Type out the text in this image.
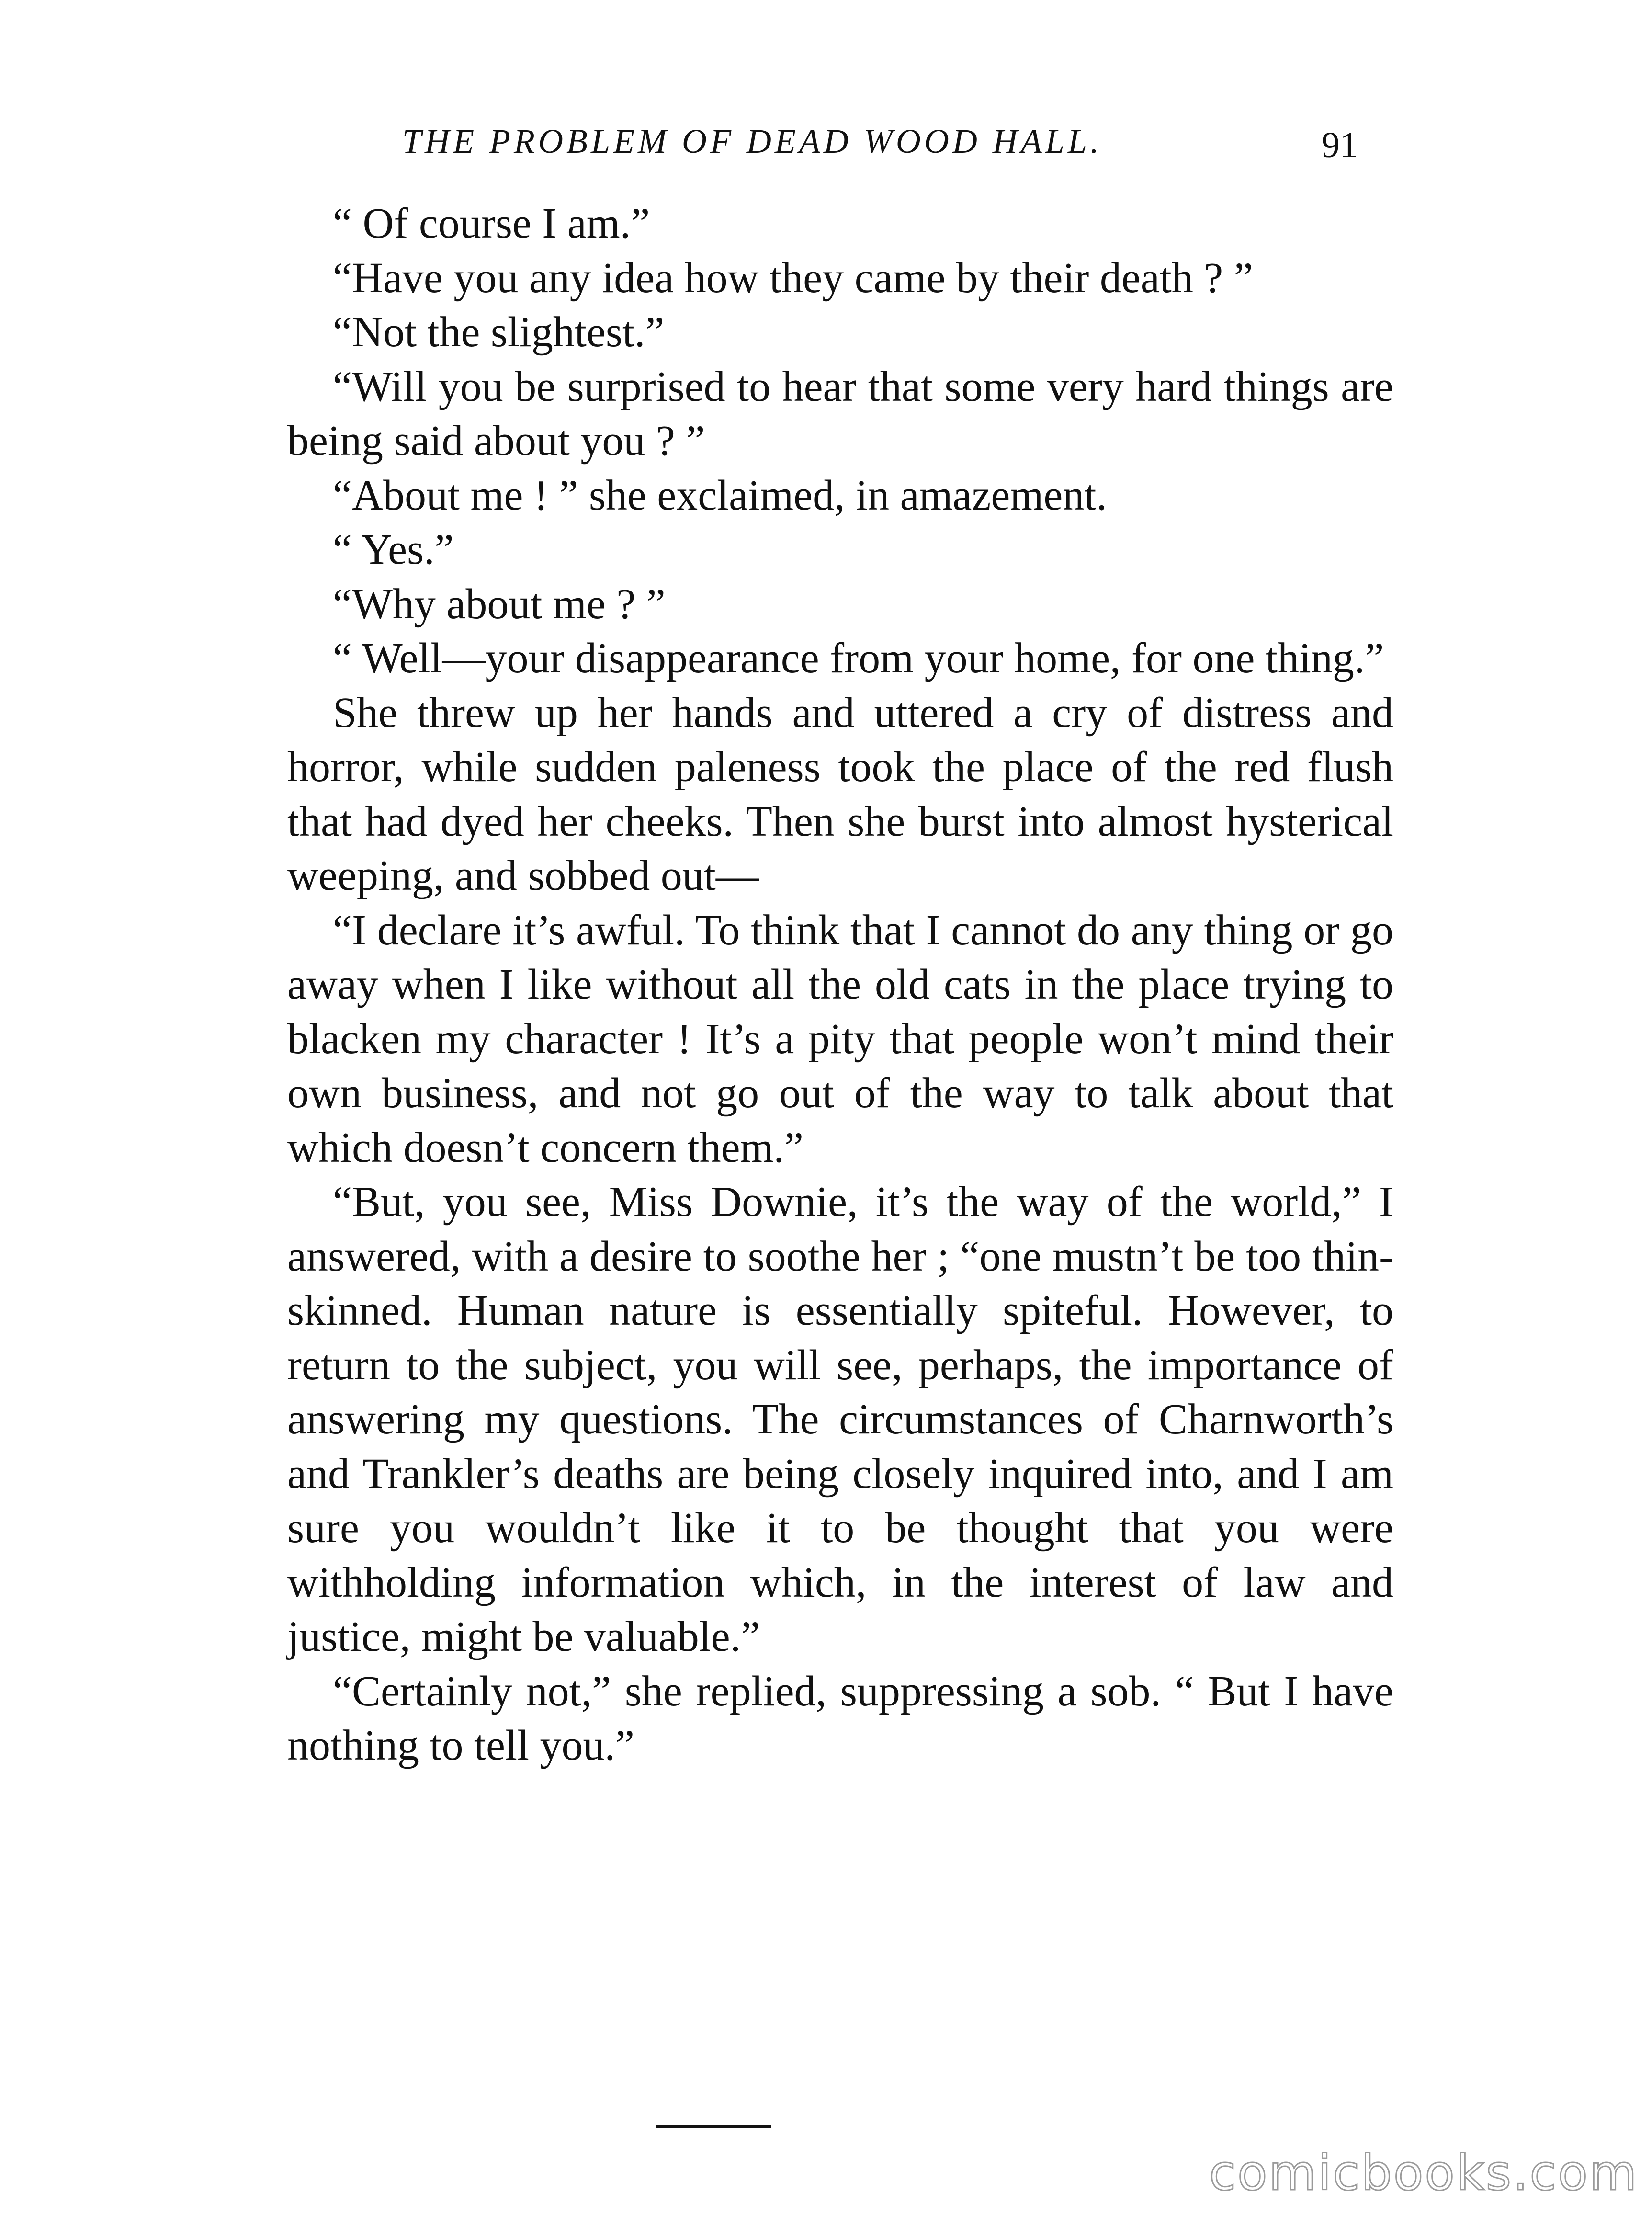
THE PROBLEM OF DEAD WOOD HALL.	91

“ Of course I am.”

“Have you any idea how they came by their death ? ”

“Not the slightest.”

“Will you be surprised to hear that some very hard things are being said about you ? ”

“About me ! ” she exclaimed, in amazement.

“ Yes.”

“Why about me ? ”

“ Well—your disappearance from your home, for one thing.”

She threw up her hands and uttered a cry of distress and horror, while sudden paleness took the place of the red flush that had dyed her cheeks. Then she burst into almost hysterical weeping, and sobbed out—

“I declare it’s awful. To think that I cannot do any thing or go away when I like without all the old cats in the place trying to blacken my character ! It’s a pity that people won’t mind their own business, and not go out of the way to talk about that which doesn’t concern them.”

“But, you see, Miss Downie, it’s the way of the world,” I answered, with a desire to soothe her ; “one mustn’t be too thin-skinned. Human nature is essentially spiteful. However, to return to the subject, you will see, perhaps, the importance of answering my questions. The circumstances of Charnworth’s and Trankler’s deaths are being closely inquired into, and I am sure you wouldn’t like it to be thought that you were withholding information which, in the interest of law and justice, might be valuable.”

“Certainly not,” she replied, suppressing a sob. “ But I have nothing to tell you.”

comicbooks.com
